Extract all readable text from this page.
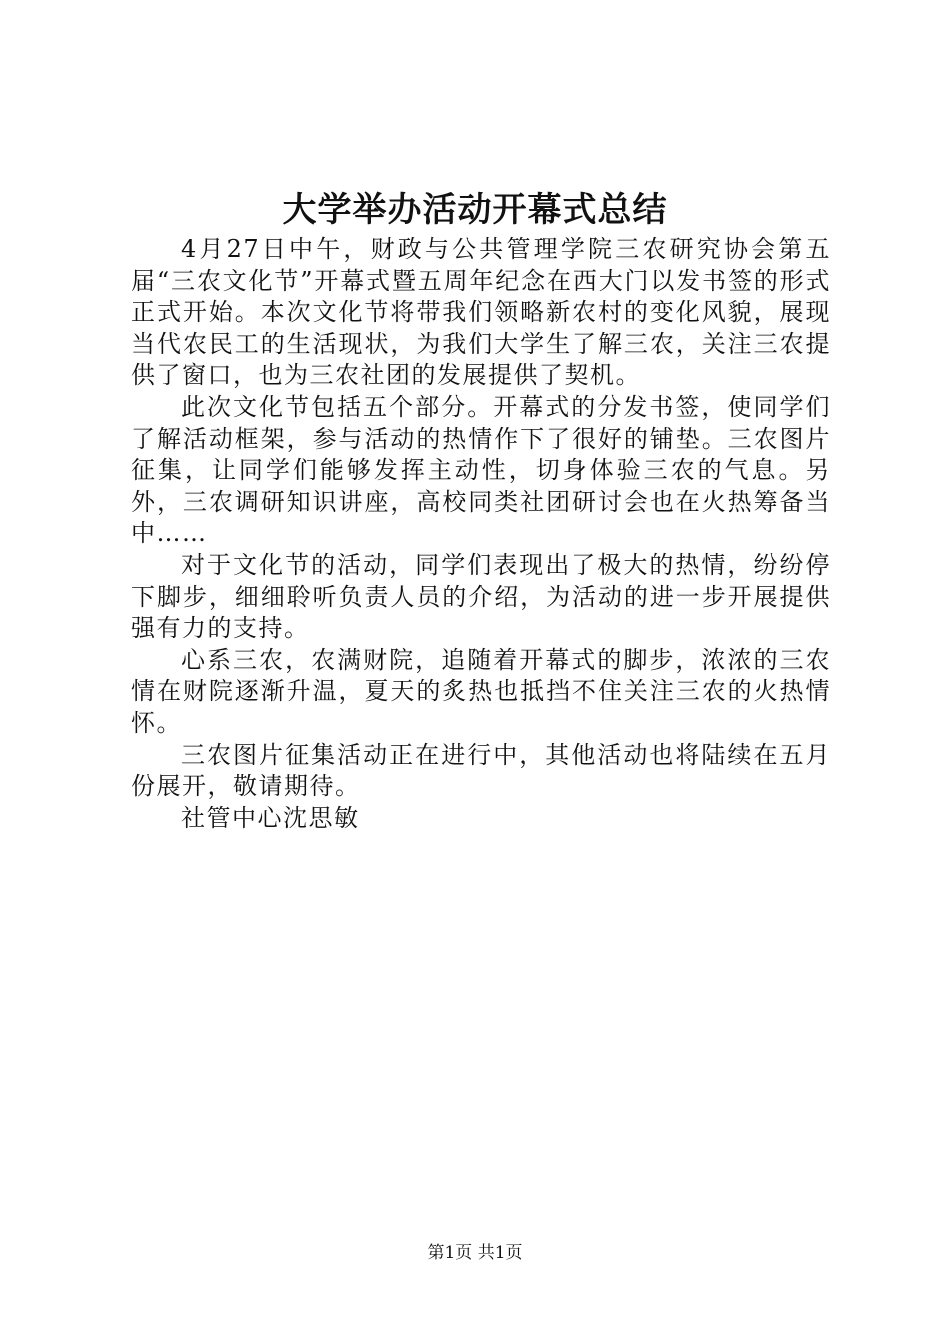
大学举办活动开幕式总结

4月27日中午，财政与公共管理学院三农研究协会第五届“三农文化节”开幕式暨五周年纪念在西大门以发书签的形式正式开始。本次文化节将带我们领略新农村的变化风貌，展现当代农民工的生活现状，为我们大学生了解三农，关注三农提供了窗口，也为三农社团的发展提供了契机。

此次文化节包括五个部分。开幕式的分发书签，使同学们了解活动框架，参与活动的热情作下了很好的铺垫。三农图片征集，让同学们能够发挥主动性，切身体验三农的气息。另外，三农调研知识讲座，高校同类社团研讨会也在火热筹备当中……

对于文化节的活动，同学们表现出了极大的热情，纷纷停下脚步，细细聆听负责人员的介绍，为活动的进一步开展提供强有力的支持。

心系三农，农满财院，追随着开幕式的脚步，浓浓的三农情在财院逐渐升温，夏天的炙热也抵挡不住关注三农的火热情怀。

三农图片征集活动正在进行中，其他活动也将陆续在五月份展开，敬请期待。

社管中心沈思敏

第1页 共1页
